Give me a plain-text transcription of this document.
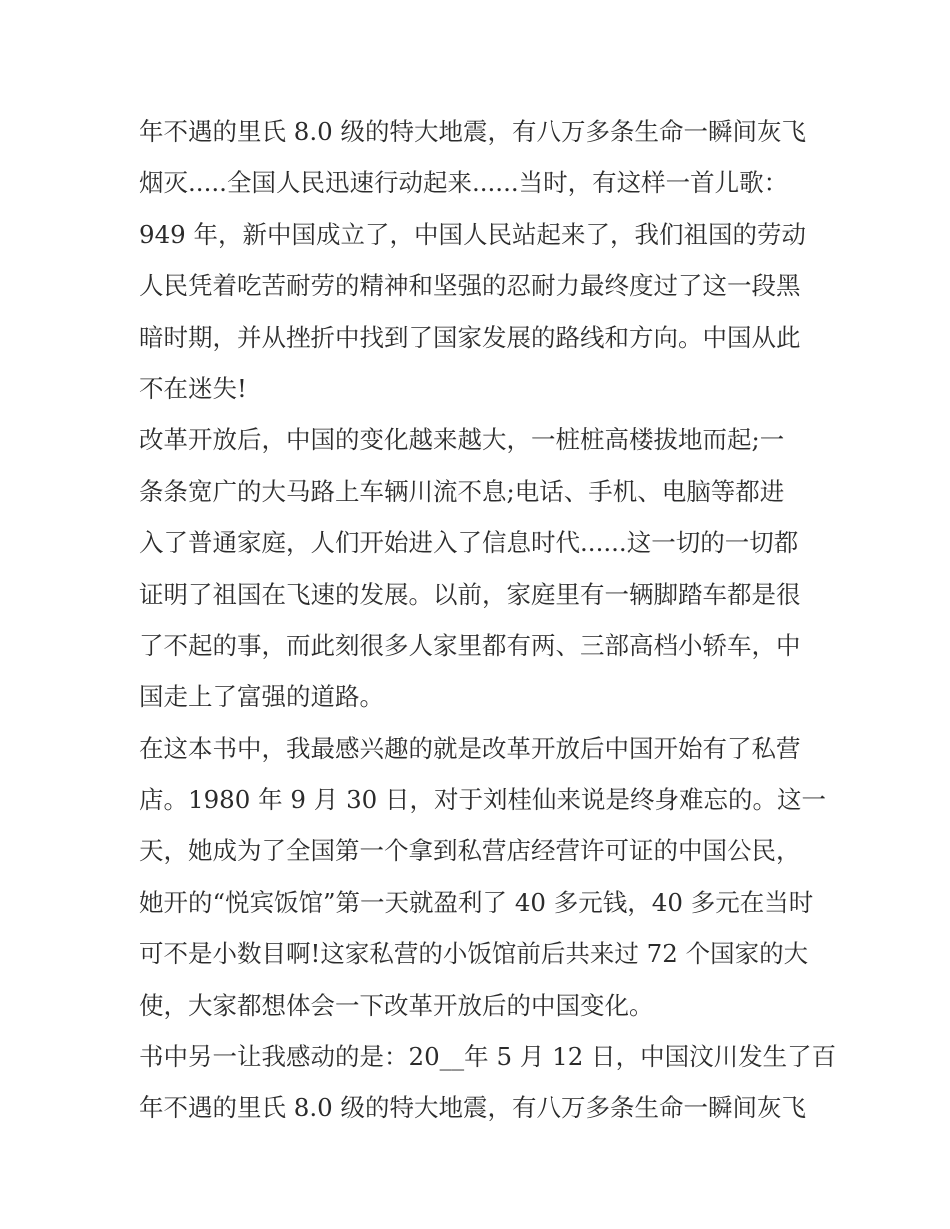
年不遇的里氏 8.0 级的特大地震，有八万多条生命一瞬间灰飞
烟灭.....全国人民迅速行动起来......当时，有这样一首儿歌：
949 年，新中国成立了，中国人民站起来了，我们祖国的劳动
人民凭着吃苦耐劳的精神和坚强的忍耐力最终度过了这一段黑
暗时期，并从挫折中找到了国家发展的路线和方向。中国从此
不在迷失!
改革开放后，中国的变化越来越大，一桩桩高楼拔地而起;一
条条宽广的大马路上车辆川流不息;电话、手机、电脑等都进
入了普通家庭，人们开始进入了信息时代......这一切的一切都
证明了祖国在飞速的发展。以前，家庭里有一辆脚踏车都是很
了不起的事，而此刻很多人家里都有两、三部高档小轿车，中
国走上了富强的道路。
在这本书中，我最感兴趣的就是改革开放后中国开始有了私营
店。1980 年 9 月 30 日，对于刘桂仙来说是终身难忘的。这一
天，她成为了全国第一个拿到私营店经营许可证的中国公民，
她开的“悦宾饭馆”第一天就盈利了 40 多元钱，40 多元在当时
可不是小数目啊!这家私营的小饭馆前后共来过 72 个国家的大
使，大家都想体会一下改革开放后的中国变化。
书中另一让我感动的是：20__年 5 月 12 日，中国汶川发生了百
年不遇的里氏 8.0 级的特大地震，有八万多条生命一瞬间灰飞
